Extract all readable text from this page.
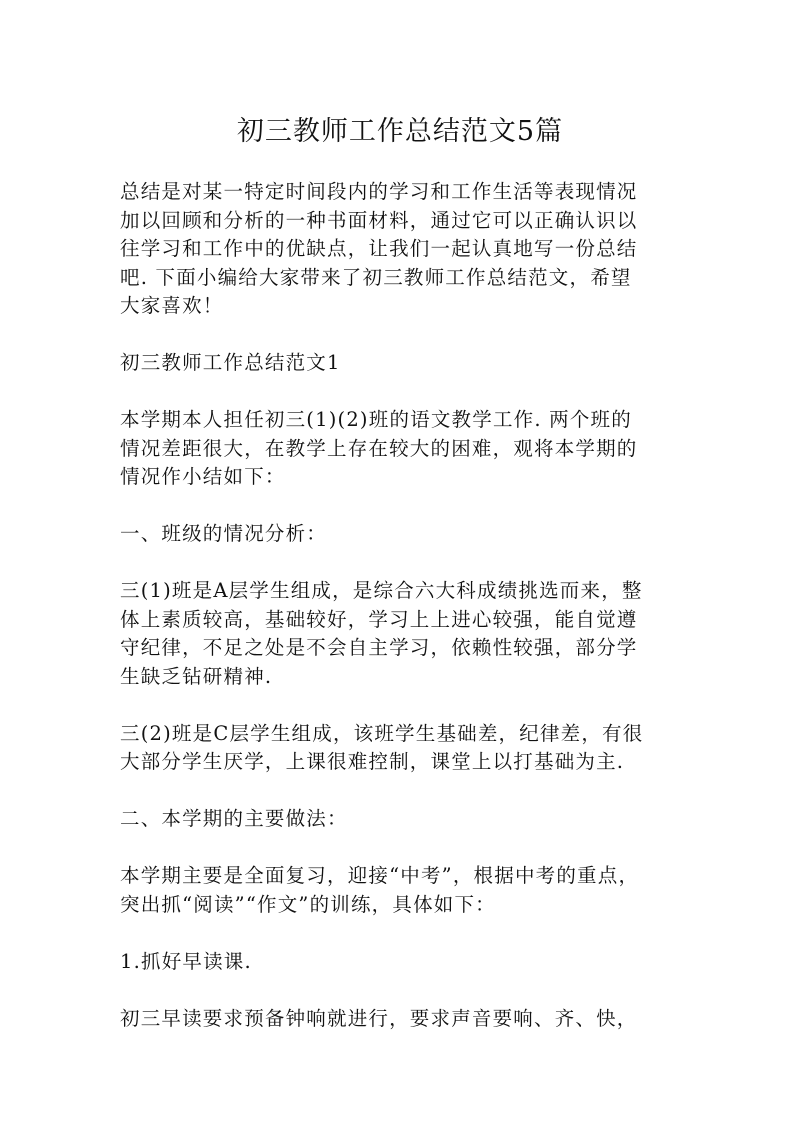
初三教师工作总结范文5篇

总结是对某一特定时间段内的学习和工作生活等表现情况
加以回顾和分析的一种书面材料，通过它可以正确认识以
往学习和工作中的优缺点，让我们一起认真地写一份总结
吧. 下面小编给大家带来了初三教师工作总结范文，希望
大家喜欢！

初三教师工作总结范文1

本学期本人担任初三(1)(2)班的语文教学工作. 两个班的
情况差距很大，在教学上存在较大的困难，观将本学期的
情况作小结如下：

一、班级的情况分析：

三(1)班是A层学生组成，是综合六大科成绩挑选而来，整
体上素质较高，基础较好，学习上上进心较强，能自觉遵
守纪律，不足之处是不会自主学习，依赖性较强，部分学
生缺乏钻研精神.

三(2)班是C层学生组成，该班学生基础差，纪律差，有很
大部分学生厌学，上课很难控制，课堂上以打基础为主.

二、本学期的主要做法：

本学期主要是全面复习，迎接“中考”，根据中考的重点，
突出抓“阅读”“作文”的训练，具体如下：

1.抓好早读课.

初三早读要求预备钟响就进行，要求声音要响、齐、快，
